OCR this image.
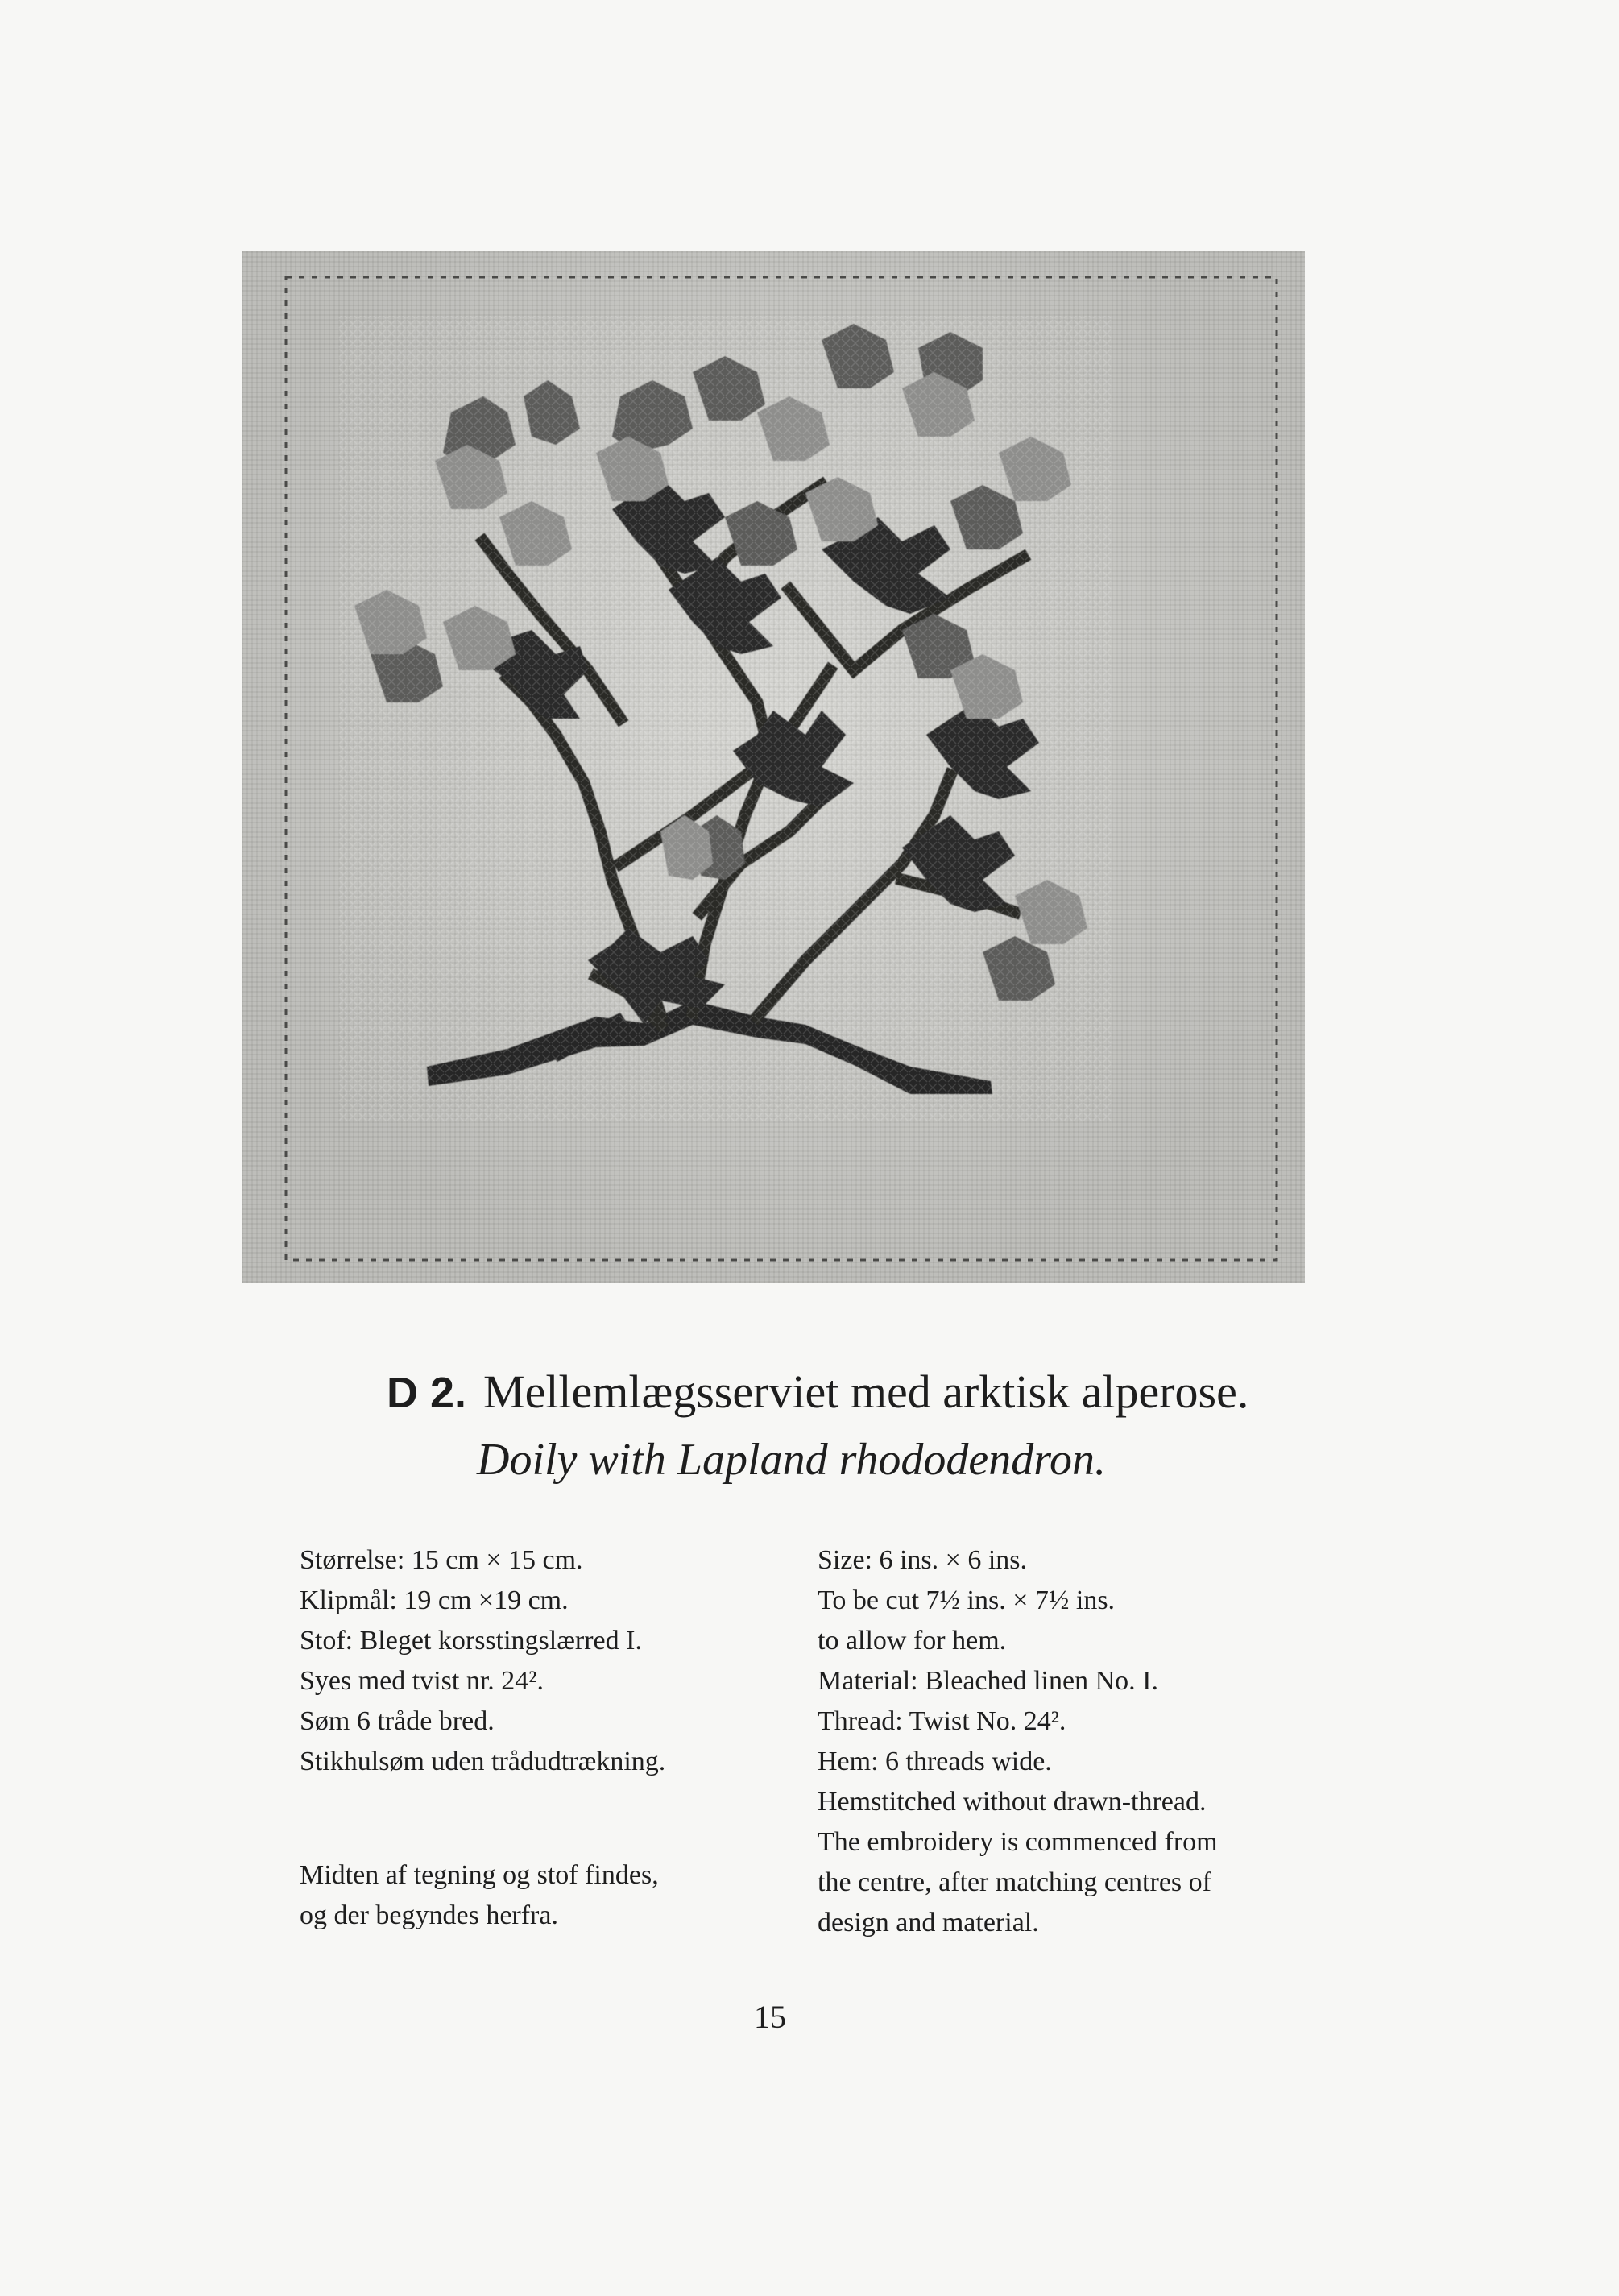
D 2. Mellemlægsserviet med arktisk alperose.
Doily with Lapland rhododendron.
Størrelse: 15 cm × 15 cm.
Klipmål: 19 cm ×19 cm.
Stof: Bleget korsstingslærred I.
Syes med tvist nr. 24².
Søm 6 tråde bred.
Stikhulsøm uden trådudtrækning.
Midten af tegning og stof findes,
og der begyndes herfra.
Size: 6 ins. × 6 ins.
To be cut 7½ ins. × 7½ ins.
to allow for hem.
Material: Bleached linen No. I.
Thread: Twist No. 24².
Hem: 6 threads wide.
Hemstitched without drawn-thread.
The embroidery is commenced from
the centre, after matching centres of
design and material.
15
